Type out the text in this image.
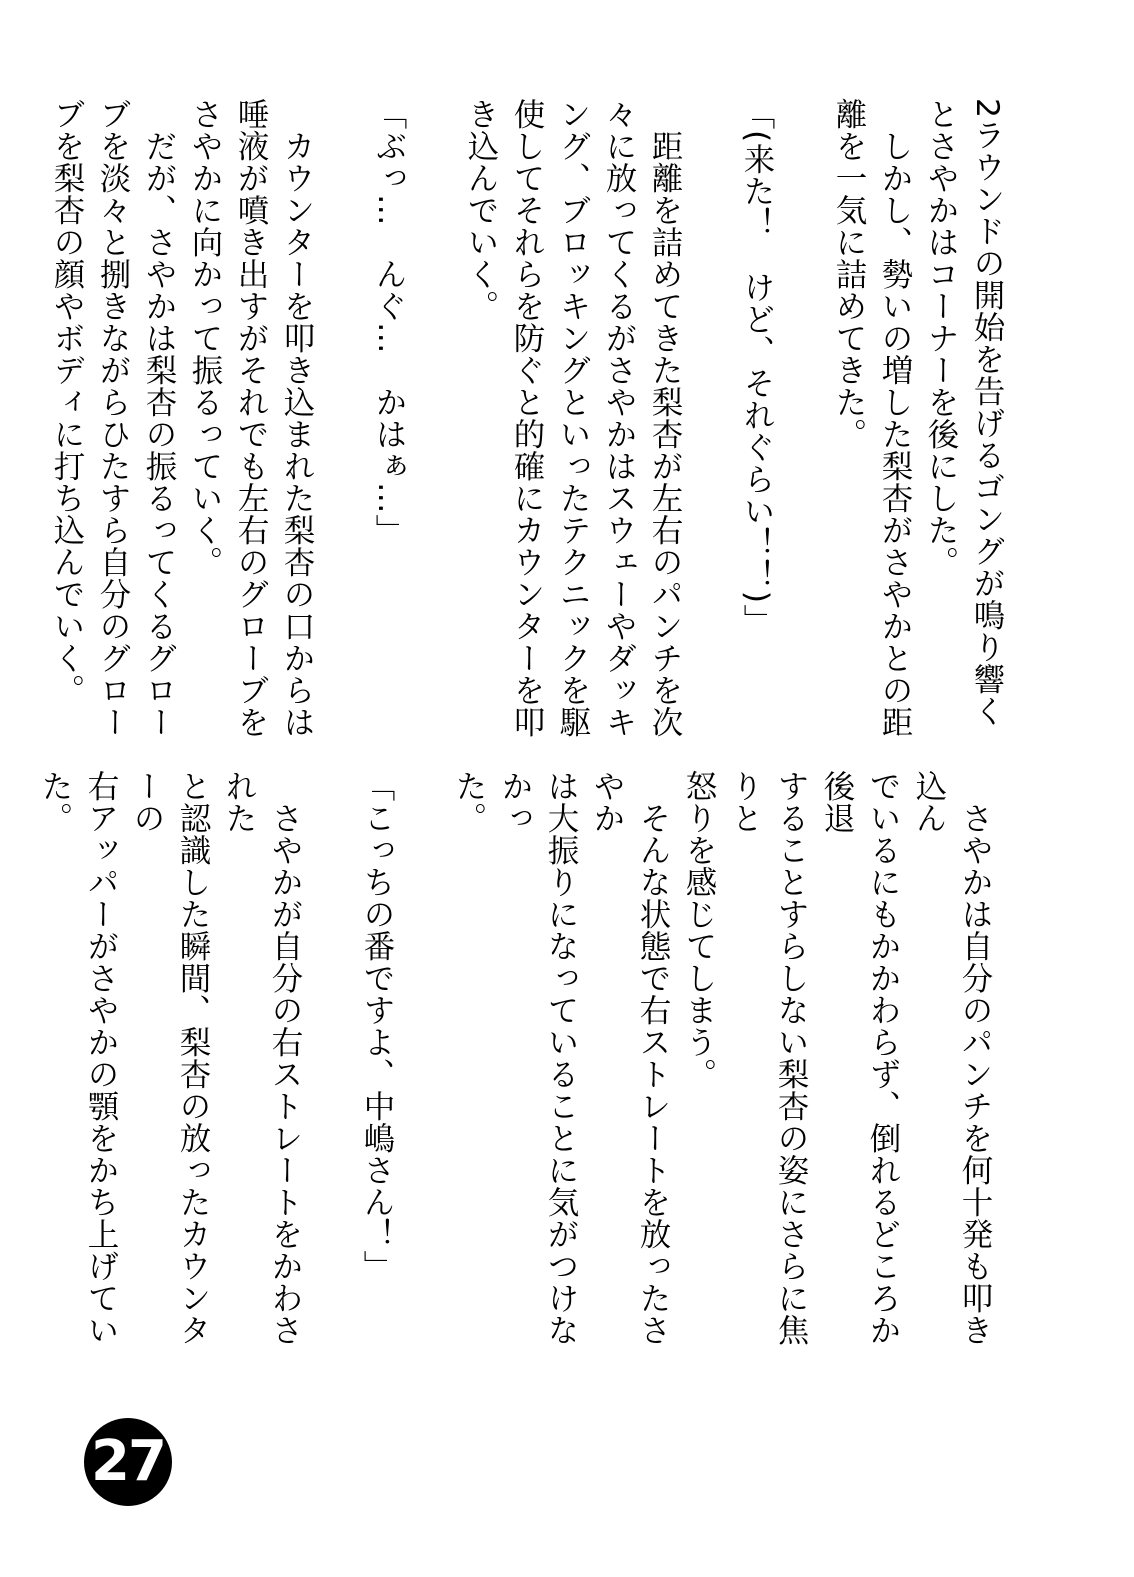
2ラウンドの開始を告げるゴングが鳴り響く
とさやかはコーナーを後にした。
　しかし、勢いの増した梨杏がさやかとの距
離を一気に詰めてきた。
「(来た！　けど、それぐらい！！)」
　距離を詰めてきた梨杏が左右のパンチを次
々に放ってくるがさやかはスウェーやダッキ
ング、ブロッキングといったテクニックを駆
使してそれらを防ぐと的確にカウンターを叩
き込んでいく。
「ぶっ…　んぐ…　かはぁ…」
　カウンターを叩き込まれた梨杏の口からは
唾液が噴き出すがそれでも左右のグローブを
さやかに向かって振るっていく。
　だが、さやかは梨杏の振るってくるグロー
ブを淡々と捌きながらひたすら自分のグロー
ブを梨杏の顔やボディに打ち込んでいく。
　さやかは自分のパンチを何十発も叩き込ん
でいるにもかかわらず、倒れるどころか後退
することすらしない梨杏の姿にさらに焦りと
怒りを感じてしまう。
　そんな状態で右ストレートを放ったさやか
は大振りになっていることに気がつけなかっ
た。
「こっちの番ですよ、中嶋さん！」
　さやかが自分の右ストレートをかわされた
と認識した瞬間、梨杏の放ったカウンターの
右アッパーがさやかの顎をかち上げていた。
27
